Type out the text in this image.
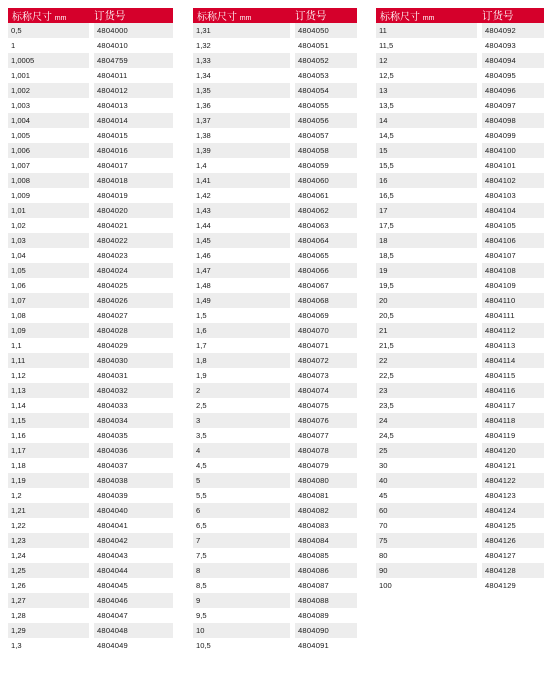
标称尺寸 mm		订货号
0,5		4804000
1		4804010
1,0005		4804759
1,001		4804011
1,002		4804012
1,003		4804013
1,004		4804014
1,005		4804015
1,006		4804016
1,007		4804017
1,008		4804018
1,009		4804019
1,01		4804020
1,02		4804021
1,03		4804022
1,04		4804023
1,05		4804024
1,06		4804025
1,07		4804026
1,08		4804027
1,09		4804028
1,1		4804029
1,11		4804030
1,12		4804031
1,13		4804032
1,14		4804033
1,15		4804034
1,16		4804035
1,17		4804036
1,18		4804037
1,19		4804038
1,2		4804039
1,21		4804040
1,22		4804041
1,23		4804042
1,24		4804043
1,25		4804044
1,26		4804045
1,27		4804046
1,28		4804047
1,29		4804048
1,3		4804049
标称尺寸 mm		订货号
1,31		4804050
1,32		4804051
1,33		4804052
1,34		4804053
1,35		4804054
1,36		4804055
1,37		4804056
1,38		4804057
1,39		4804058
1,4		4804059
1,41		4804060
1,42		4804061
1,43		4804062
1,44		4804063
1,45		4804064
1,46		4804065
1,47		4804066
1,48		4804067
1,49		4804068
1,5		4804069
1,6		4804070
1,7		4804071
1,8		4804072
1,9		4804073
2		4804074
2,5		4804075
3		4804076
3,5		4804077
4		4804078
4,5		4804079
5		4804080
5,5		4804081
6		4804082
6,5		4804083
7		4804084
7,5		4804085
8		4804086
8,5		4804087
9		4804088
9,5		4804089
10		4804090
10,5		4804091
标称尺寸 mm		订货号
11		4804092
11,5		4804093
12		4804094
12,5		4804095
13		4804096
13,5		4804097
14		4804098
14,5		4804099
15		4804100
15,5		4804101
16		4804102
16,5		4804103
17		4804104
17,5		4804105
18		4804106
18,5		4804107
19		4804108
19,5		4804109
20		4804110
20,5		4804111
21		4804112
21,5		4804113
22		4804114
22,5		4804115
23		4804116
23,5		4804117
24		4804118
24,5		4804119
25		4804120
30		4804121
40		4804122
45		4804123
60		4804124
70		4804125
75		4804126
80		4804127
90		4804128
100		4804129
